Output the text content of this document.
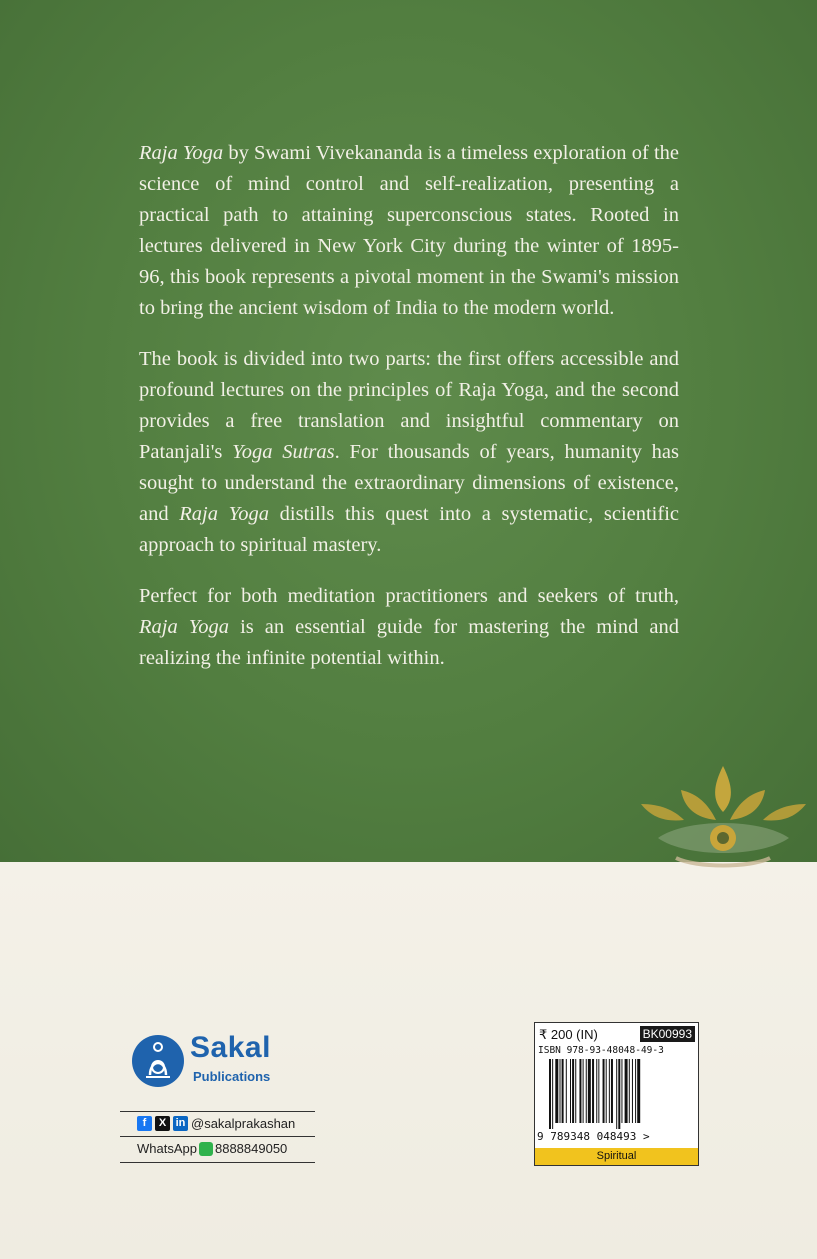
Raja Yoga by Swami Vivekananda is a timeless exploration of the science of mind control and self-realization, presenting a practical path to attaining superconscious states. Rooted in lectures delivered in New York City during the winter of 1895-96, this book represents a pivotal moment in the Swami's mission to bring the ancient wisdom of India to the modern world.

The book is divided into two parts: the first offers accessible and profound lectures on the principles of Raja Yoga, and the second provides a free translation and insightful commentary on Patanjali's Yoga Sutras. For thousands of years, humanity has sought to understand the extraordinary dimensions of existence, and Raja Yoga distills this quest into a systematic, scientific approach to spiritual mastery.

Perfect for both meditation practitioners and seekers of truth, Raja Yoga is an essential guide for mastering the mind and realizing the infinite potential within.

Sakal
Publications
f	X in @sakalprakashan
WhatsApp 8888849050
₹ 200 (IN)	BK00993
ISBN 978-93-48048-49-3
9 789348 048493 >
Spiritual
